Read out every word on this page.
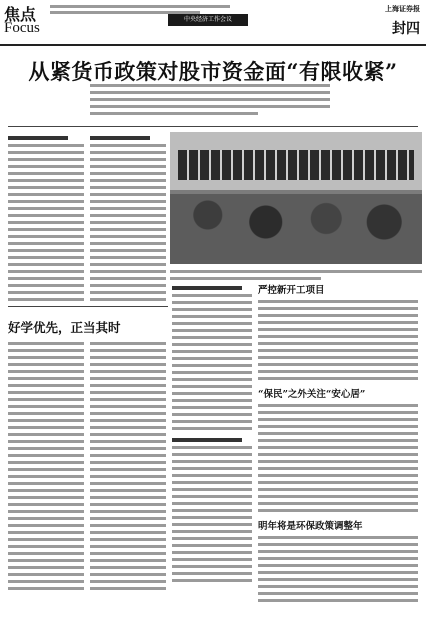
焦点
Focus
中央经济工作会议
上海证券报
封四
从紧货币政策对股市资金面“有限收紧”
好学优先，正当其时
严控新开工项目
“保民”之外关注“安心居”
明年将是环保政策调整年
